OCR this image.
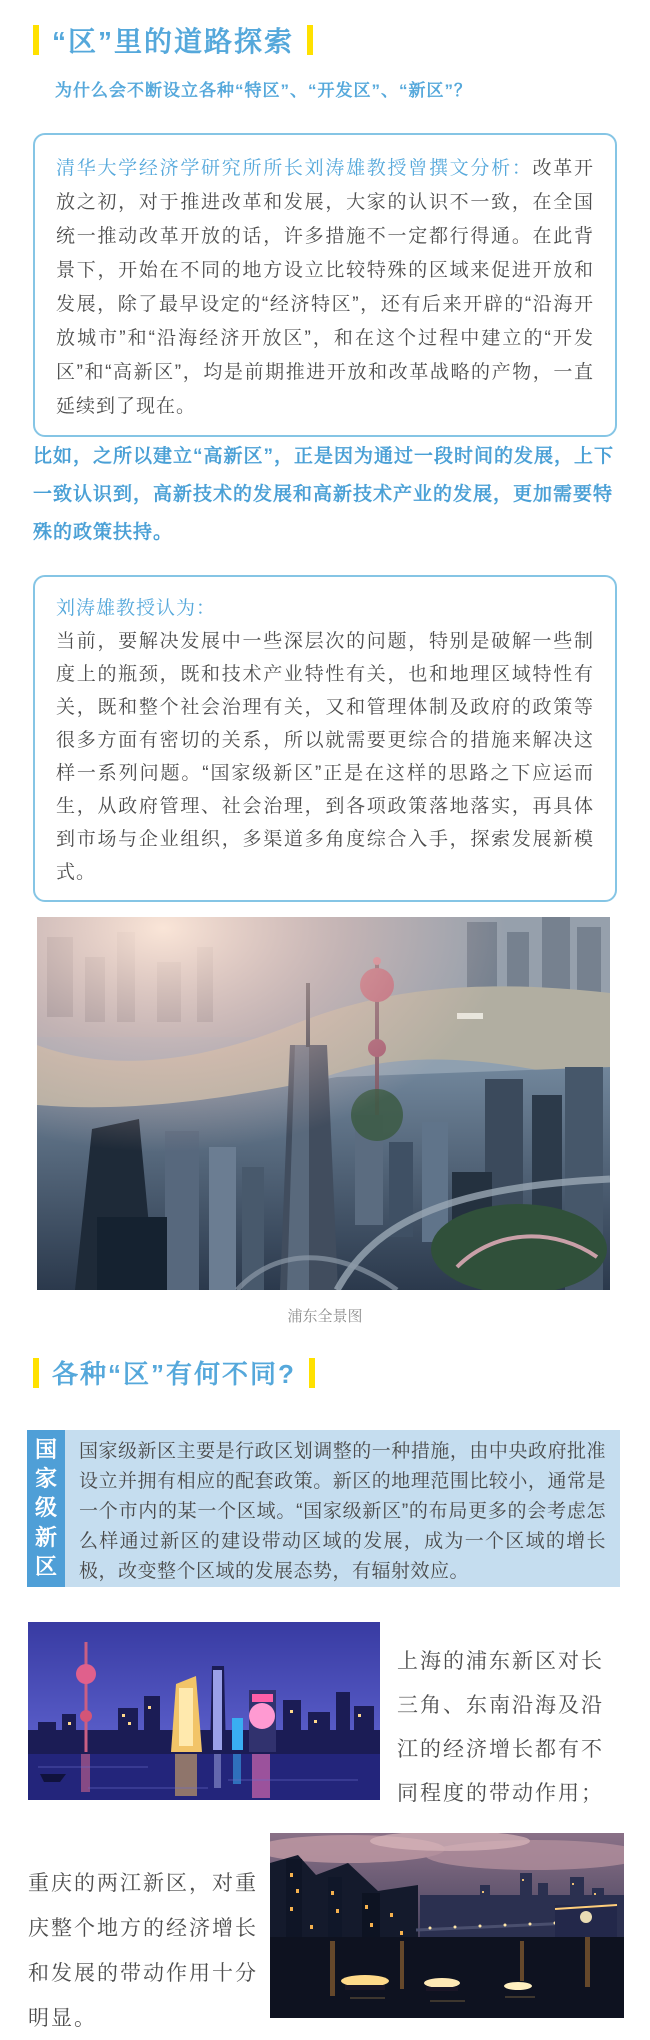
“区”里的道路探索

为什么会不断设立各种“特区”、“开发区”、“新区”？

清华大学经济学研究所所长刘涛雄教授曾撰文分析：改革开放之初，对于推进改革和发展，大家的认识不一致，在全国统一推动改革开放的话，许多措施不一定都行得通。在此背景下，开始在不同的地方设立比较特殊的区域来促进开放和发展，除了最早设定的“经济特区”，还有后来开辟的“沿海开放城市”和“沿海经济开放区”，和在这个过程中建立的“开发区”和“高新区”，均是前期推进开放和改革战略的产物，一直延续到了现在。

比如，之所以建立“高新区”，正是因为通过一段时间的发展，上下一致认识到，高新技术的发展和高新技术产业的发展，更加需要特殊的政策扶持。

刘涛雄教授认为：
当前，要解决发展中一些深层次的问题，特别是破解一些制度上的瓶颈，既和技术产业特性有关，也和地理区域特性有关，既和整个社会治理有关，又和管理体制及政府的政策等很多方面有密切的关系，所以就需要更综合的措施来解决这样一系列问题。“国家级新区”正是在这样的思路之下应运而生，从政府管理、社会治理，到各项政策落地落实，再具体到市场与企业组织，多渠道多角度综合入手，探索发展新模式。
浦东全景图
各种“区”有何不同?
国
家
级
新
区
国家级新区主要是行政区划调整的一种措施，由中央政府批准设立并拥有相应的配套政策。新区的地理范围比较小，通常是一个市内的某一个区域。“国家级新区”的布局更多的会考虑怎么样通过新区的建设带动区域的发展，成为一个区域的增长极，改变整个区域的发展态势，有辐射效应。

上海的浦东新区对长三角、东南沿海及沿江的经济增长都有不同程度的带动作用；

重庆的两江新区，对重庆整个地方的经济增长和发展的带动作用十分明显。
